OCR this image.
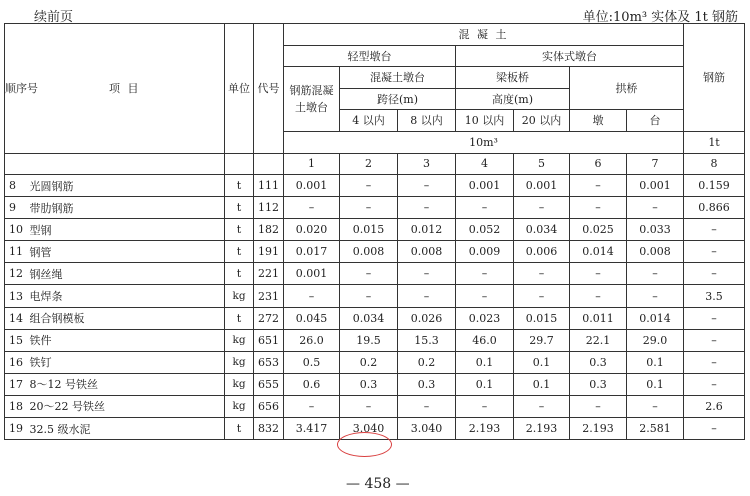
续前页	单位:10m³ 实体及 1t 钢筋
顺序号	项 目	单位	代号	混 凝 土							钢筋
				轻型墩台			实体式墩台				
				钢筋混凝土墩台	混凝土墩台		梁板桥		拱桥		
					跨径(m)		高度(m)				
					4 以内	8 以内	10 以内	20 以内	墩	台	
				10m³							1t
				1	2	3	4	5	6	7	8
8	光圆钢筋	t	111	0.001	–	–	0.001	0.001	–	0.001	0.159
9	带肋钢筋	t	112	–	–	–	–	–	–	–	0.866
10	型钢	t	182	0.020	0.015	0.012	0.052	0.034	0.025	0.033	–
11	钢管	t	191	0.017	0.008	0.008	0.009	0.006	0.014	0.008	–
12	钢丝绳	t	221	0.001	–	–	–	–	–	–	–
13	电焊条	kg	231	–	–	–	–	–	–	–	3.5
14	组合钢模板	t	272	0.045	0.034	0.026	0.023	0.015	0.011	0.014	–
15	铁件	kg	651	26.0	19.5	15.3	46.0	29.7	22.1	29.0	–
16	铁钉	kg	653	0.5	0.2	0.2	0.1	0.1	0.3	0.1	–
17	8～12 号铁丝	kg	655	0.6	0.3	0.3	0.1	0.1	0.3	0.1	–
18	20～22 号铁丝	kg	656	–	–	–	–	–	–	–	2.6
19	32.5 级水泥	t	832	3.417	3.040	3.040	2.193	2.193	2.193	2.581	–
— 458 —
